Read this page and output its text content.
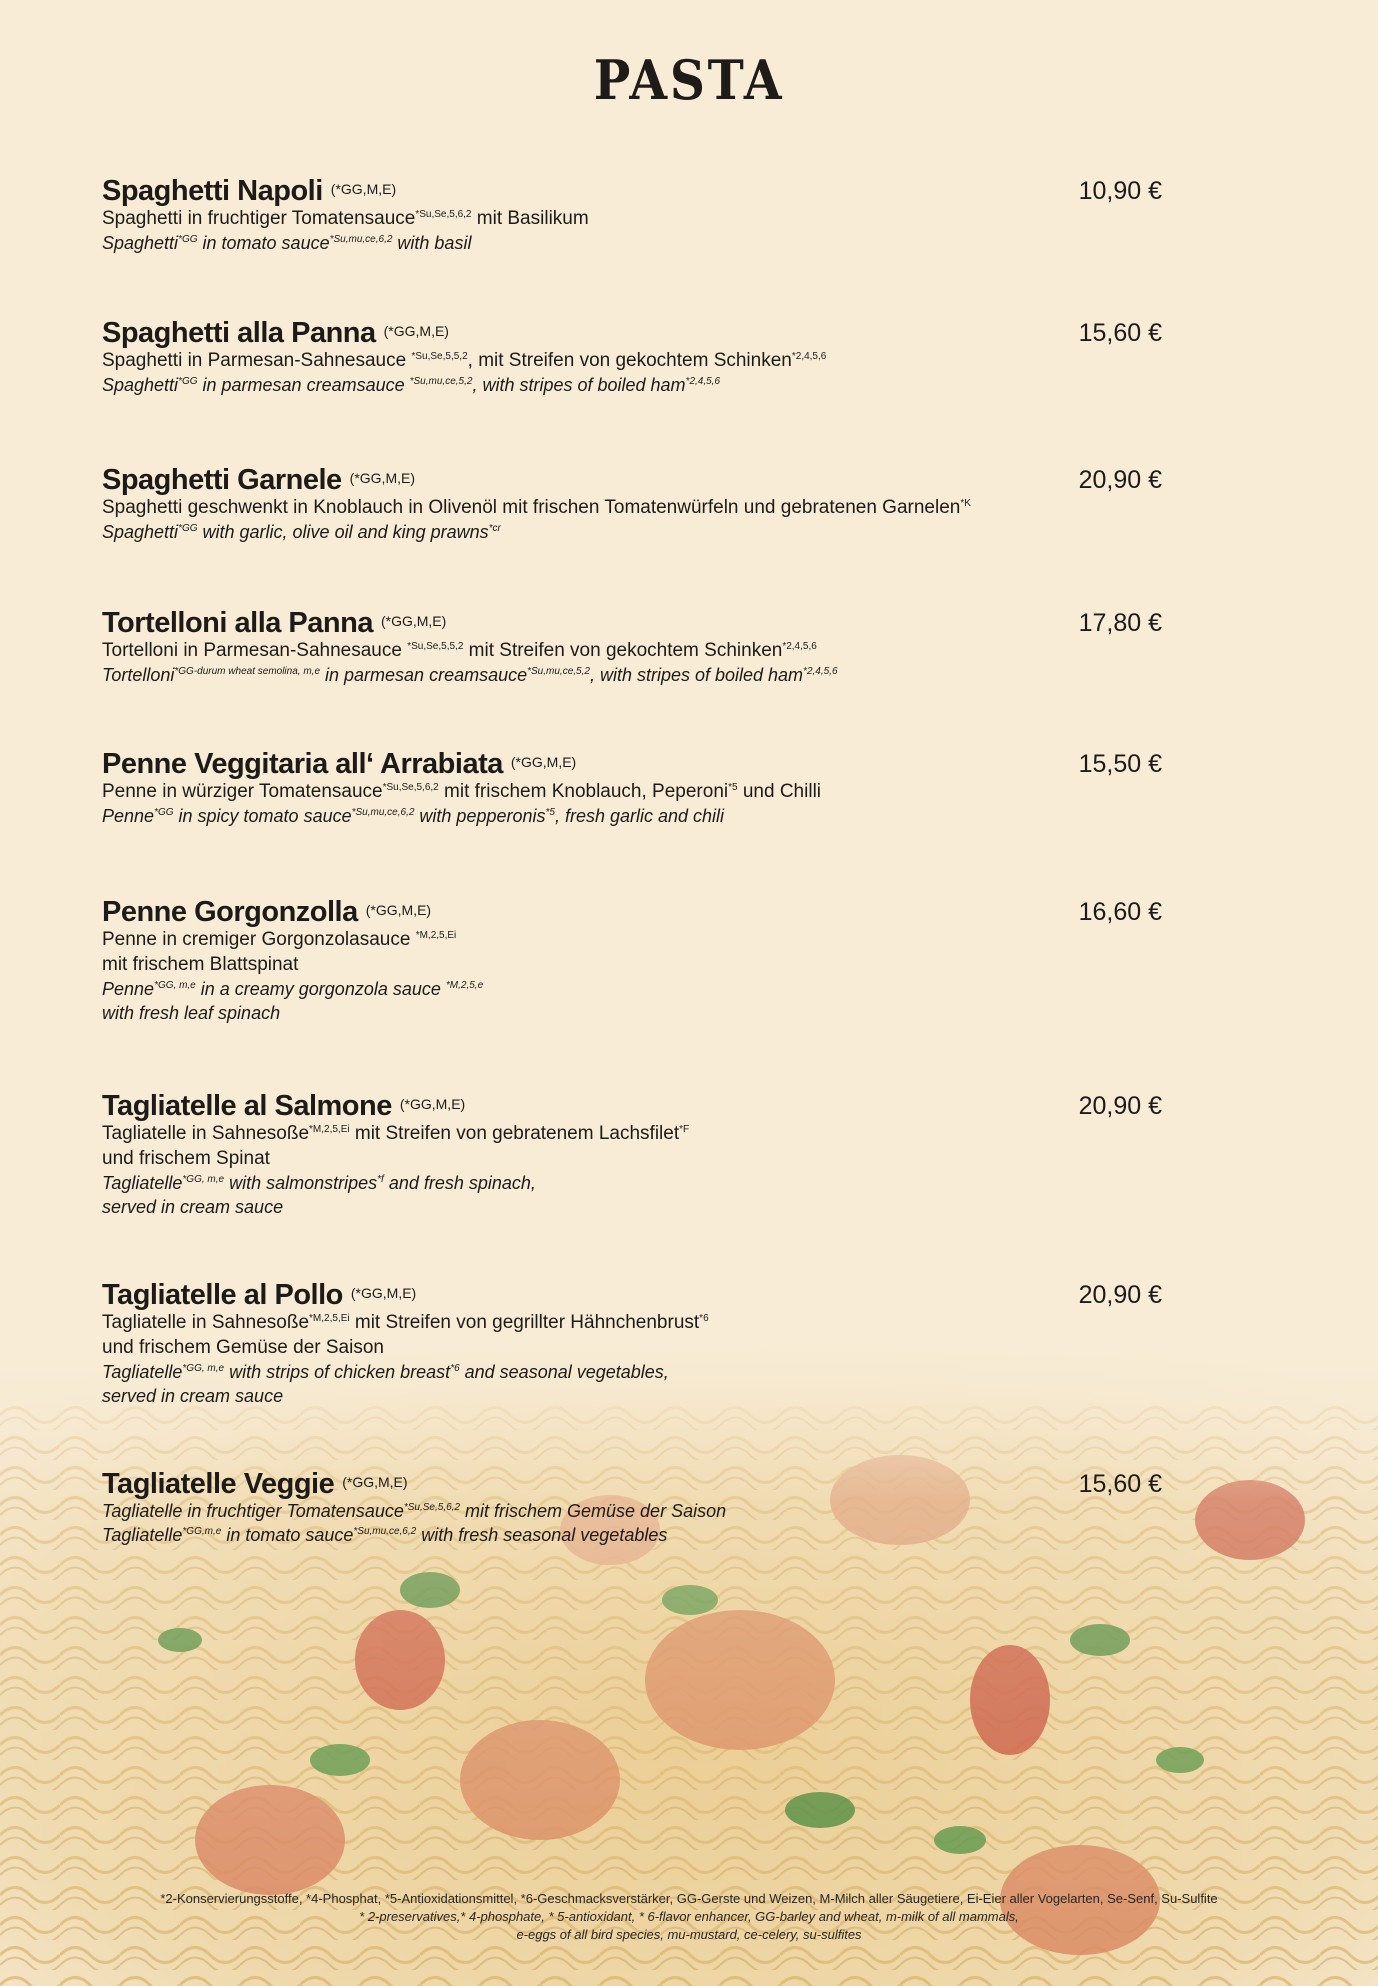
PASTA
Spaghetti Napoli (*GG,M,E)	10,90 €
Spaghetti in fruchtiger Tomatensauce$^{*Su,Se,5,6,2}$ mit Basilikum
Spaghetti$^{*GG}$ in tomato sauce$^{*Su,mu,ce,6,2}$ with basil
Spaghetti alla Panna (*GG,M,E)	15,60 €
Spaghetti in Parmesan-Sahnesauce $^{*Su,Se,5,5,2}$, mit Streifen von gekochtem Schinken$^{*2,4,5,6}$
Spaghetti$^{*GG}$ in parmesan creamsauce $^{*Su,mu,ce,5,2}$, with stripes of boiled ham$^{*2,4,5,6}$
Spaghetti Garnele (*GG,M,E)	20,90 €
Spaghetti geschwenkt in Knoblauch in Olivenöl mit frischen Tomatenwürfeln und gebratenen Garnelen$^{*K}$
Spaghetti$^{*GG}$ with garlic, olive oil and king prawns$^{*cr}$
Tortelloni alla Panna (*GG,M,E)	17,80 €
Tortelloni in Parmesan-Sahnesauce $^{*Su,Se,5,5,2}$ mit Streifen von gekochtem Schinken$^{*2,4,5,6}$
Tortelloni$^{*GG-durum wheat semolina, m,e}$ in parmesan creamsauce$^{*Su,mu,ce,5,2}$, with stripes of boiled ham$^{*2,4,5,6}$
Penne Veggitaria all‘ Arrabiata (*GG,M,E)	15,50 €
Penne in würziger Tomatensauce$^{*Su,Se,5,6,2}$ mit frischem Knoblauch, Peperoni$^{*5}$ und Chilli
Penne$^{*GG}$ in spicy tomato sauce$^{*Su,mu,ce,6,2}$ with pepperonis$^{*5}$, fresh garlic and chili
Penne Gorgonzolla (*GG,M,E)	16,60 €
Penne in cremiger Gorgonzolasauce $^{*M,2,5,Ei}$
mit frischem Blattspinat
Penne$^{*GG, m,e}$ in a creamy gorgonzola sauce $^{*M,2,5,e}$
with fresh leaf spinach
Tagliatelle al Salmone (*GG,M,E)	20,90 €
Tagliatelle in Sahnesoße$^{*M,2,5,Ei}$ mit Streifen von gebratenem Lachsfilet$^{*F}$
und frischem Spinat
Tagliatelle$^{*GG, m,e}$ with salmonstripes$^{*f}$ and fresh spinach,
served in cream sauce
Tagliatelle al Pollo (*GG,M,E)	20,90 €
Tagliatelle in Sahnesoße$^{*M,2,5,Ei}$ mit Streifen von gegrillter Hähnchenbrust$^{*6}$
und frischem Gemüse der Saison
Tagliatelle$^{*GG, m,e}$ with strips of chicken breast$^{*6}$ and seasonal vegetables,
served in cream sauce
Tagliatelle Veggie (*GG,M,E)	15,60 €
Tagliatelle in fruchtiger Tomatensauce$^{*Su,Se,5,6,2}$ mit frischem Gemüse der Saison
Tagliatelle$^{*GG,m,e}$ in tomato sauce$^{*Su,mu,ce,6,2}$ with fresh seasonal vegetables
*2-Konservierungsstoffe, *4-Phosphat, *5-Antioxidationsmittel, *6-Geschmacksverstärker, GG-Gerste und Weizen, M-Milch aller Säugetiere, Ei-Eier aller Vogelarten, Se-Senf, Su-Sulfite
* 2-preservatives,* 4-phosphate, * 5-antioxidant, * 6-flavor enhancer, GG-barley and wheat, m-milk of all mammals,
e-eggs of all bird species, mu-mustard, ce-celery, su-sulfites
